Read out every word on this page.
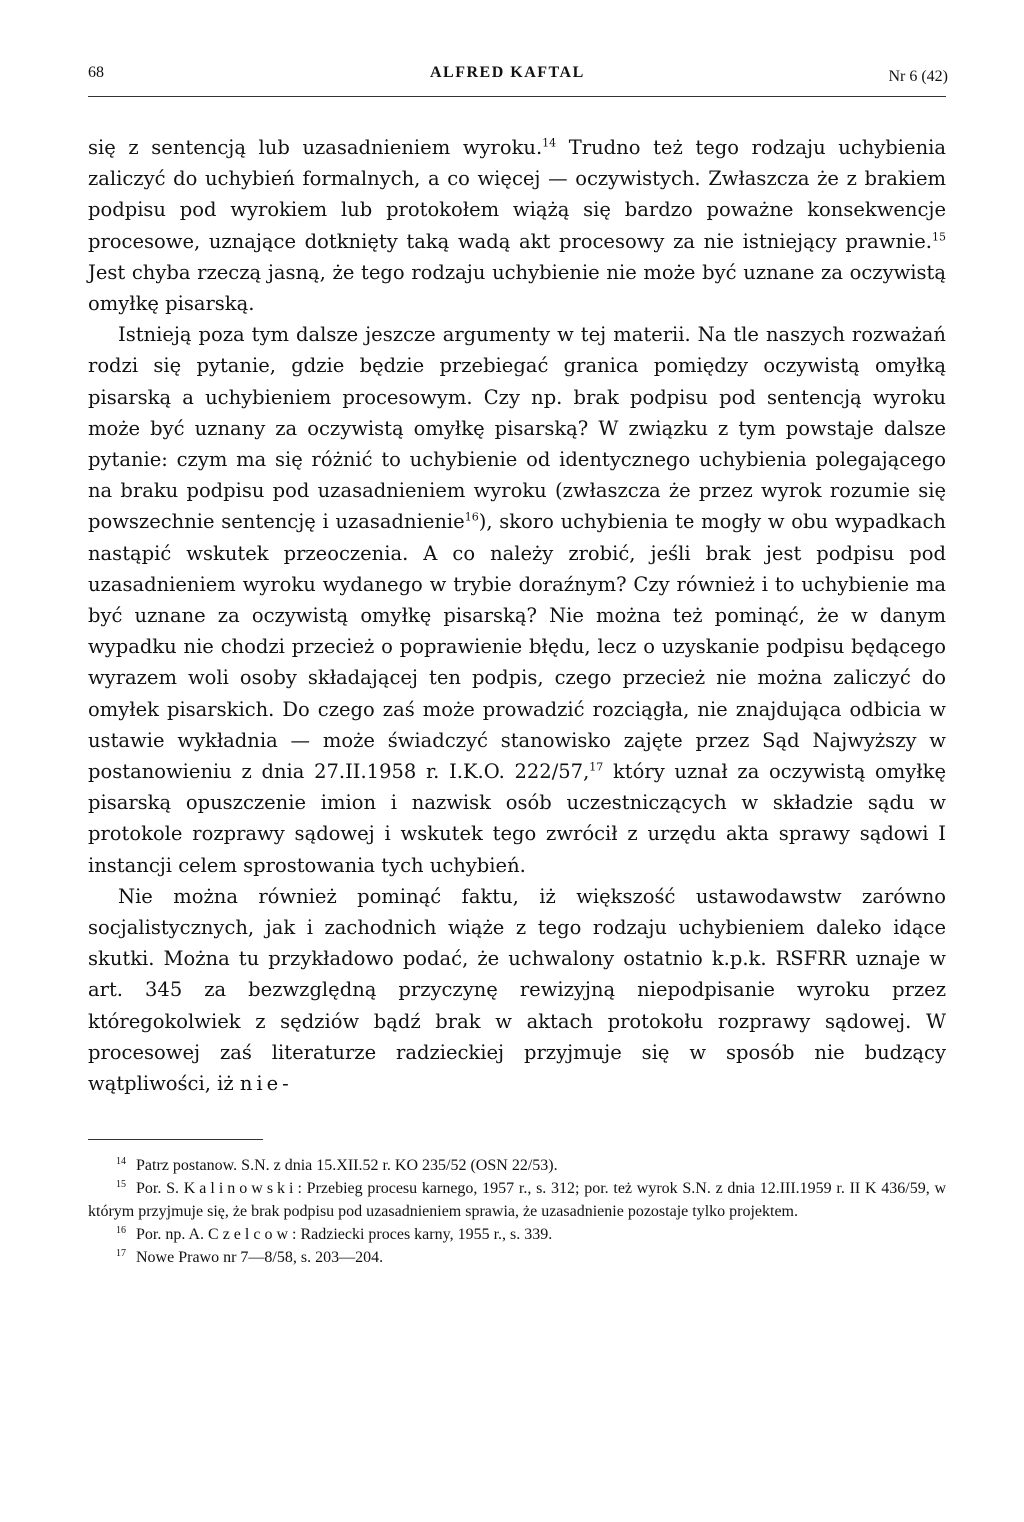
68	ALFRED KAFTAL	Nr 6 (42)

się z sentencją lub uzasadnieniem wyroku.$^{14}$ Trudno też tego rodzaju uchybienia zaliczyć do uchybień formalnych, a co więcej — oczywistych. Zwłaszcza że z brakiem podpisu pod wyrokiem lub protokołem wiążą się bardzo poważne konsekwencje procesowe, uznające dotknięty taką wadą akt procesowy za nie istniejący prawnie.$^{15}$ Jest chyba rzeczą jasną, że tego rodzaju uchybienie nie może być uznane za oczywistą omyłkę pisarską.

Istnieją poza tym dalsze jeszcze argumenty w tej materii. Na tle naszych rozważań rodzi się pytanie, gdzie będzie przebiegać granica pomiędzy oczywistą omyłką pisarską a uchybieniem procesowym. Czy np. brak podpisu pod sentencją wyroku może być uznany za oczywistą omyłkę pisarską? W związku z tym powstaje dalsze pytanie: czym ma się różnić to uchybienie od identycznego uchybienia polegającego na braku podpisu pod uzasadnieniem wyroku (zwłaszcza że przez wyrok rozumie się powszechnie sentencję i uzasadnienie$^{16}$), skoro uchybienia te mogły w obu wypadkach nastąpić wskutek przeoczenia. A co należy zrobić, jeśli brak jest podpisu pod uzasadnieniem wyroku wydanego w trybie doraźnym? Czy również i to uchybienie ma być uznane za oczywistą omyłkę pisarską? Nie można też pominąć, że w danym wypadku nie chodzi przecież o poprawienie błędu, lecz o uzyskanie podpisu będącego wyrazem woli osoby składającej ten podpis, czego przecież nie można zaliczyć do omyłek pisarskich. Do czego zaś może prowadzić rozciągła, nie znajdująca odbicia w ustawie wykładnia — może świadczyć stanowisko zajęte przez Sąd Najwyższy w postanowieniu z dnia 27.II.1958 r. I.K.O. 222/57,17 który uznał za oczywistą omyłkę pisarską opuszczenie imion i nazwisk osób uczestniczących w składzie sądu w protokole rozprawy sądowej i wskutek tego zwrócił z urzędu akta sprawy sądowi I instancji celem sprostowania tych uchybień.

Nie można również pominąć faktu, iż większość ustawodawstw zarówno socjalistycznych, jak i zachodnich wiąże z tego rodzaju uchybieniem daleko idące skutki. Można tu przykładowo podać, że uchwalony ostatnio k.p.k. RSFRR uznaje w art. 345 za bezwzględną przyczynę rewizyjną niepodpisanie wyroku przez któregokolwiek z sędziów bądź brak w aktach protokołu rozprawy sądowej. W procesowej zaś literaturze radzieckiej przyjmuje się w sposób nie budzący wątpliwości, iż nie-

$^{14}$ Patrz postanow. S.N. z dnia 15.XII.52 r. KO 235/52 (OSN 22/53).

$^{15}$ Por. S. Kalinowski: Przebieg procesu karnego, 1957 r., s. 312; por. też wyrok S.N. z dnia 12.III.1959 r. II K 436/59, w którym przyjmuje się, że brak podpisu pod uzasadnieniem sprawia, że uzasadnienie pozostaje tylko projektem.

$^{16}$ Por. np. A. Czelcow: Radziecki proces karny, 1955 r., s. 339.

$^{17}$ Nowe Prawo nr 7—8/58, s. 203—204.
